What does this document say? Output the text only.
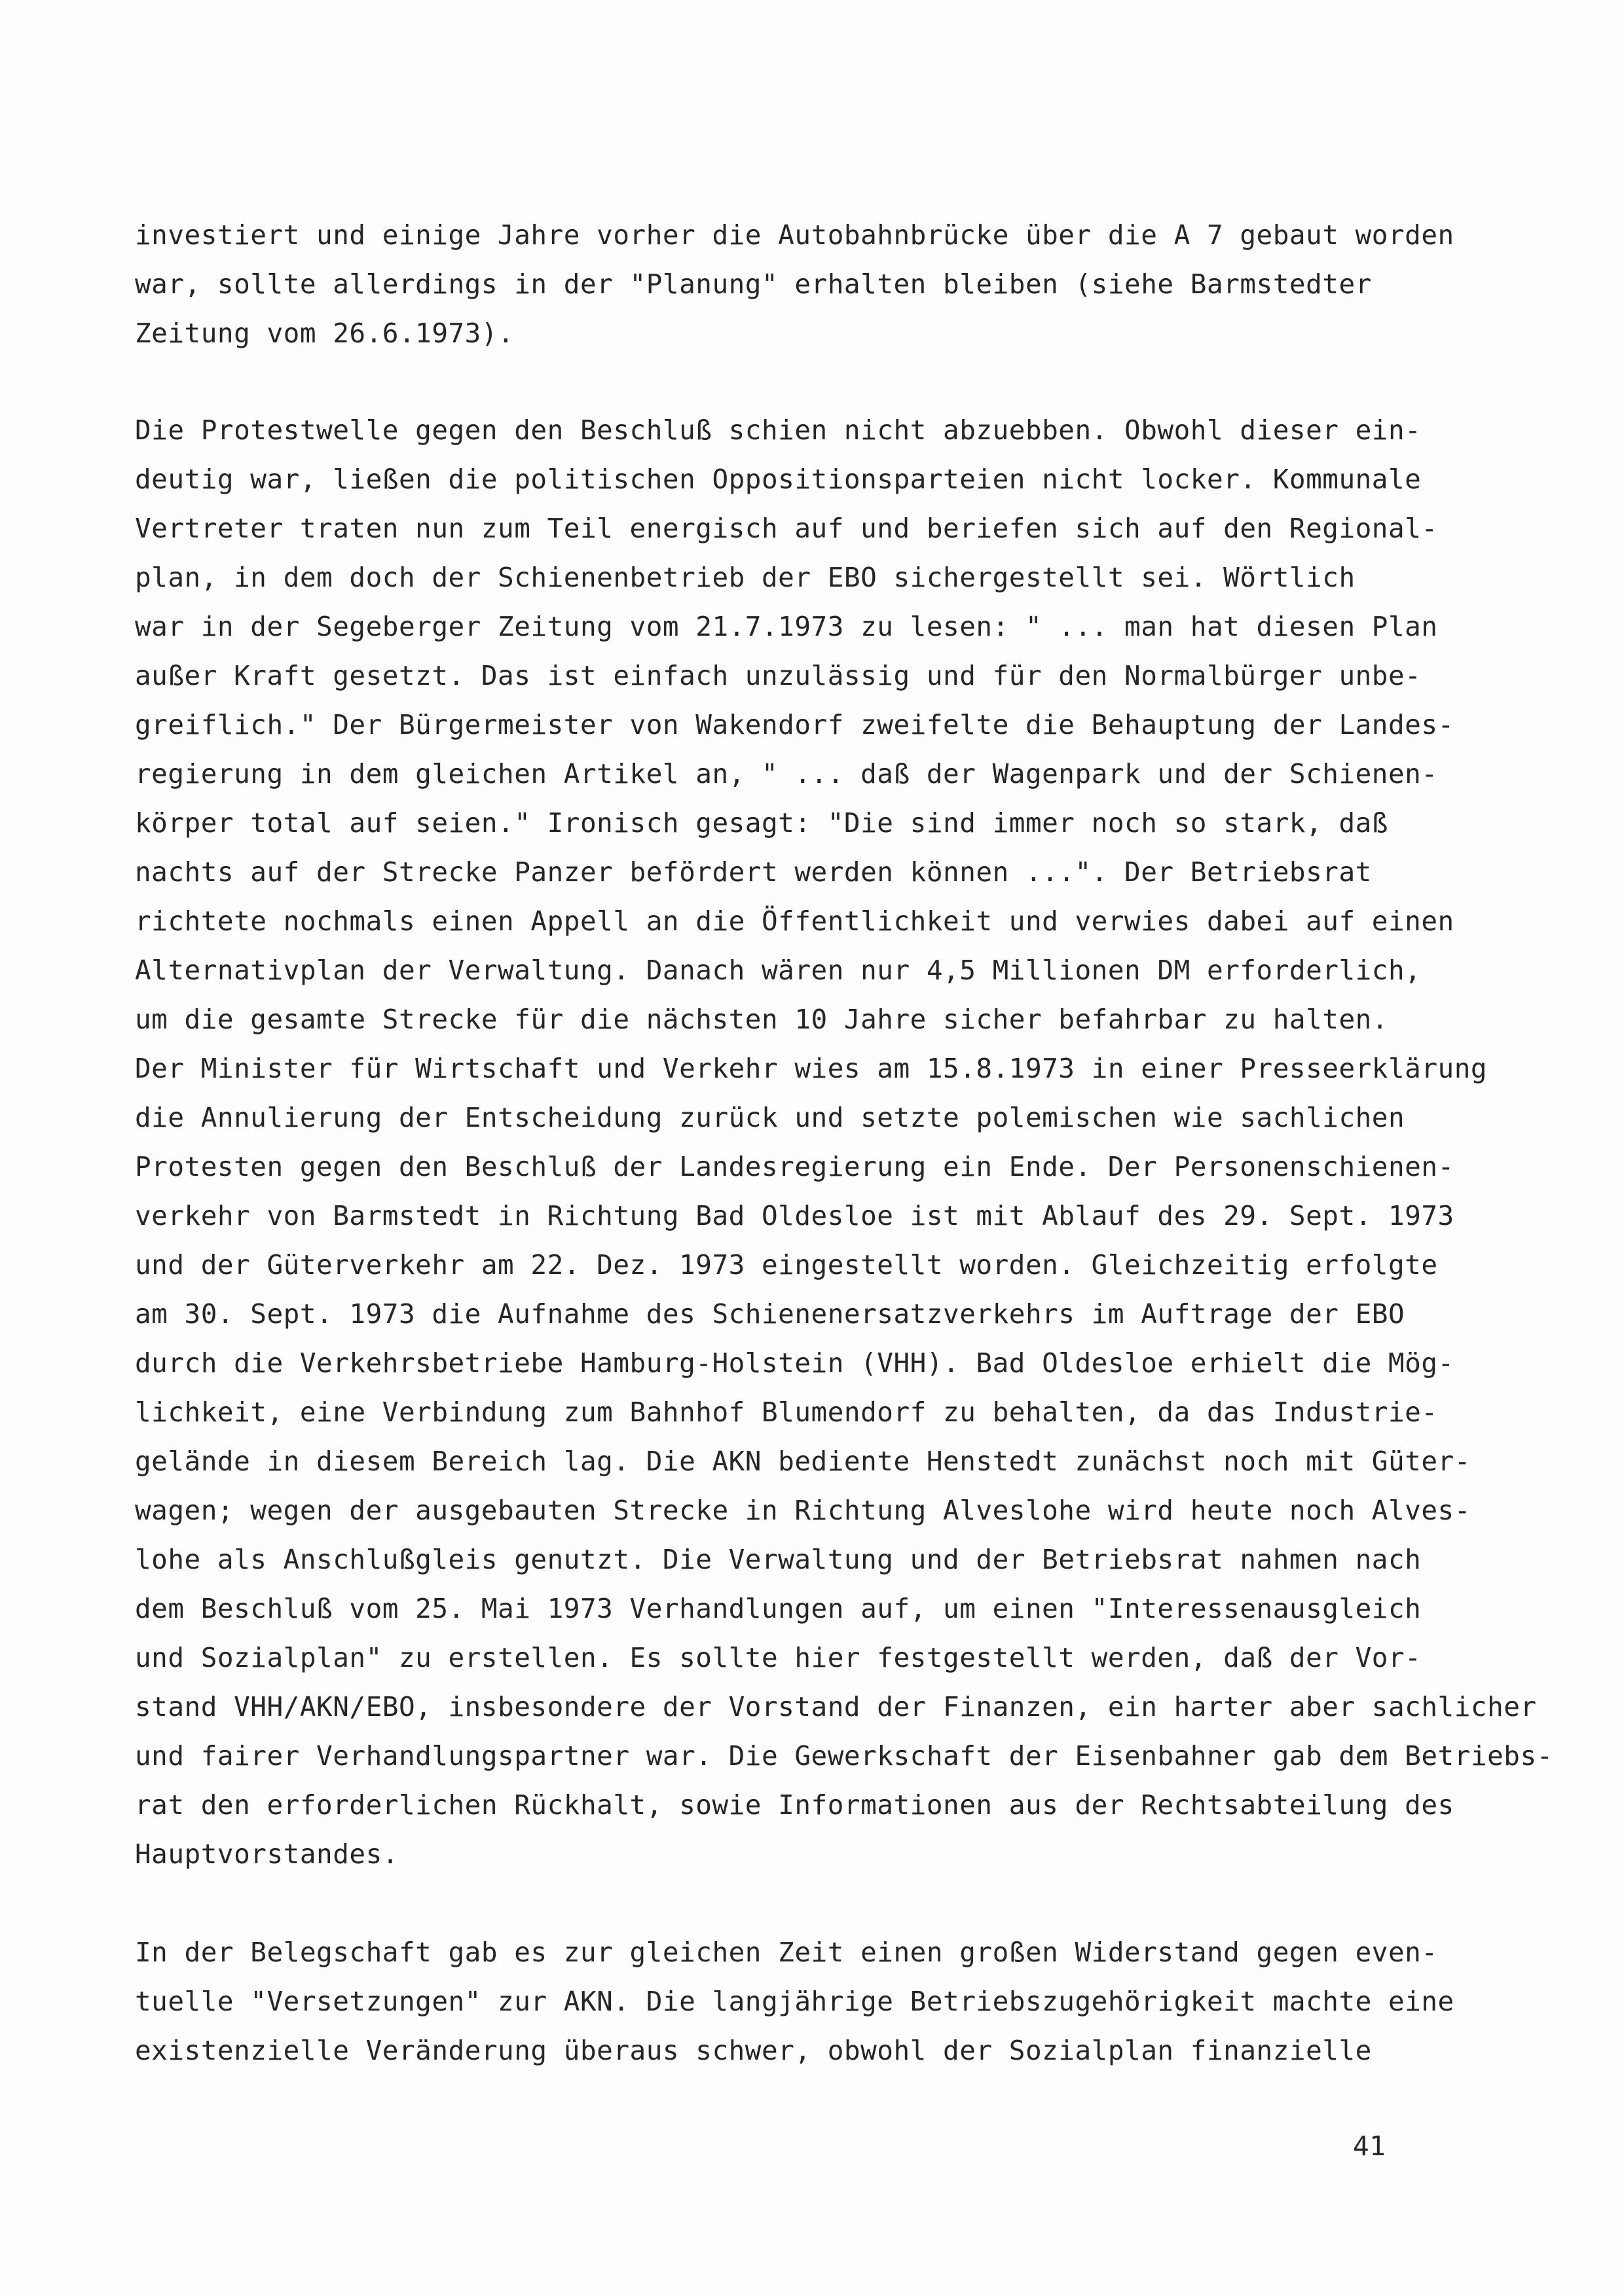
investiert und einige Jahre vorher die Autobahnbrücke über die A 7 gebaut worden
war, sollte allerdings in der "Planung" erhalten bleiben (siehe Barmstedter
Zeitung vom 26.6.1973).
Die Protestwelle gegen den Beschluß schien nicht abzuebben. Obwohl dieser ein-
deutig war, ließen die politischen Oppositionsparteien nicht locker. Kommunale
Vertreter traten nun zum Teil energisch auf und beriefen sich auf den Regional-
plan, in dem doch der Schienenbetrieb der EBO sichergestellt sei. Wörtlich
war in der Segeberger Zeitung vom 21.7.1973 zu lesen: " ... man hat diesen Plan
außer Kraft gesetzt. Das ist einfach unzulässig und für den Normalbürger unbe-
greiflich." Der Bürgermeister von Wakendorf zweifelte die Behauptung der Landes-
regierung in dem gleichen Artikel an, " ... daß der Wagenpark und der Schienen-
körper total auf seien." Ironisch gesagt: "Die sind immer noch so stark, daß
nachts auf der Strecke Panzer befördert werden können ...". Der Betriebsrat
richtete nochmals einen Appell an die Öffentlichkeit und verwies dabei auf einen
Alternativplan der Verwaltung. Danach wären nur 4,5 Millionen DM erforderlich,
um die gesamte Strecke für die nächsten 10 Jahre sicher befahrbar zu halten.
Der Minister für Wirtschaft und Verkehr wies am 15.8.1973 in einer Presseerklärung
die Annulierung der Entscheidung zurück und setzte polemischen wie sachlichen
Protesten gegen den Beschluß der Landesregierung ein Ende. Der Personenschienen-
verkehr von Barmstedt in Richtung Bad Oldesloe ist mit Ablauf des 29. Sept. 1973
und der Güterverkehr am 22. Dez. 1973 eingestellt worden. Gleichzeitig erfolgte
am 30. Sept. 1973 die Aufnahme des Schienenersatzverkehrs im Auftrage der EBO
durch die Verkehrsbetriebe Hamburg-Holstein (VHH). Bad Oldesloe erhielt die Mög-
lichkeit, eine Verbindung zum Bahnhof Blumendorf zu behalten, da das Industrie-
gelände in diesem Bereich lag. Die AKN bediente Henstedt zunächst noch mit Güter-
wagen; wegen der ausgebauten Strecke in Richtung Alveslohe wird heute noch Alves-
lohe als Anschlußgleis genutzt. Die Verwaltung und der Betriebsrat nahmen nach
dem Beschluß vom 25. Mai 1973 Verhandlungen auf, um einen "Interessenausgleich
und Sozialplan" zu erstellen. Es sollte hier festgestellt werden, daß der Vor-
stand VHH/AKN/EBO, insbesondere der Vorstand der Finanzen, ein harter aber sachlicher
und fairer Verhandlungspartner war. Die Gewerkschaft der Eisenbahner gab dem Betriebs-
rat den erforderlichen Rückhalt, sowie Informationen aus der Rechtsabteilung des
Hauptvorstandes.
In der Belegschaft gab es zur gleichen Zeit einen großen Widerstand gegen even-
tuelle "Versetzungen" zur AKN. Die langjährige Betriebszugehörigkeit machte eine
existenzielle Veränderung überaus schwer, obwohl der Sozialplan finanzielle
41
